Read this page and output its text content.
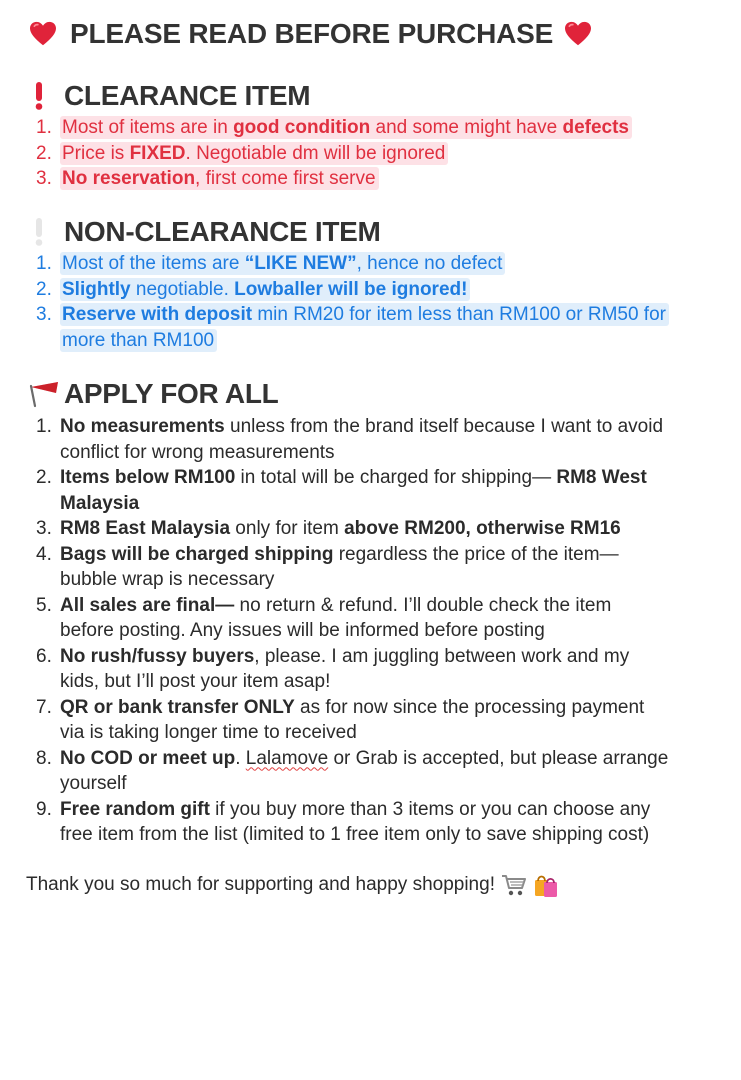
PLEASE READ BEFORE PURCHASE
CLEARANCE ITEM
1. Most of items are in good condition and some might have defects
2. Price is FIXED. Negotiable dm will be ignored
3. No reservation, first come first serve
NON-CLEARANCE ITEM
1. Most of the items are “LIKE NEW”, hence no defect
2. Slightly negotiable. Lowballer will be ignored!
3. Reserve with deposit min RM20 for item less than RM100 or RM50 for
more than RM100
APPLY FOR ALL
1. No measurements unless from the brand itself because I want to avoid
conflict for wrong measurements
2. Items below RM100 in total will be charged for shipping— RM8 West
Malaysia
3. RM8 East Malaysia only for item above RM200, otherwise RM16
4. Bags will be charged shipping regardless the price of the item—
bubble wrap is necessary
5. All sales are final— no return & refund. I’ll double check the item
before posting. Any issues will be informed before posting
6. No rush/fussy buyers, please. I am juggling between work and my
kids, but I’ll post your item asap!
7. QR or bank transfer ONLY as for now since the processing payment
via is taking longer time to received
8. No COD or meet up. Lalamove or Grab is accepted, but please arrange
yourself
9. Free random gift if you buy more than 3 items or you can choose any
free item from the list (limited to 1 free item only to save shipping cost)
Thank you so much for supporting and happy shopping!
